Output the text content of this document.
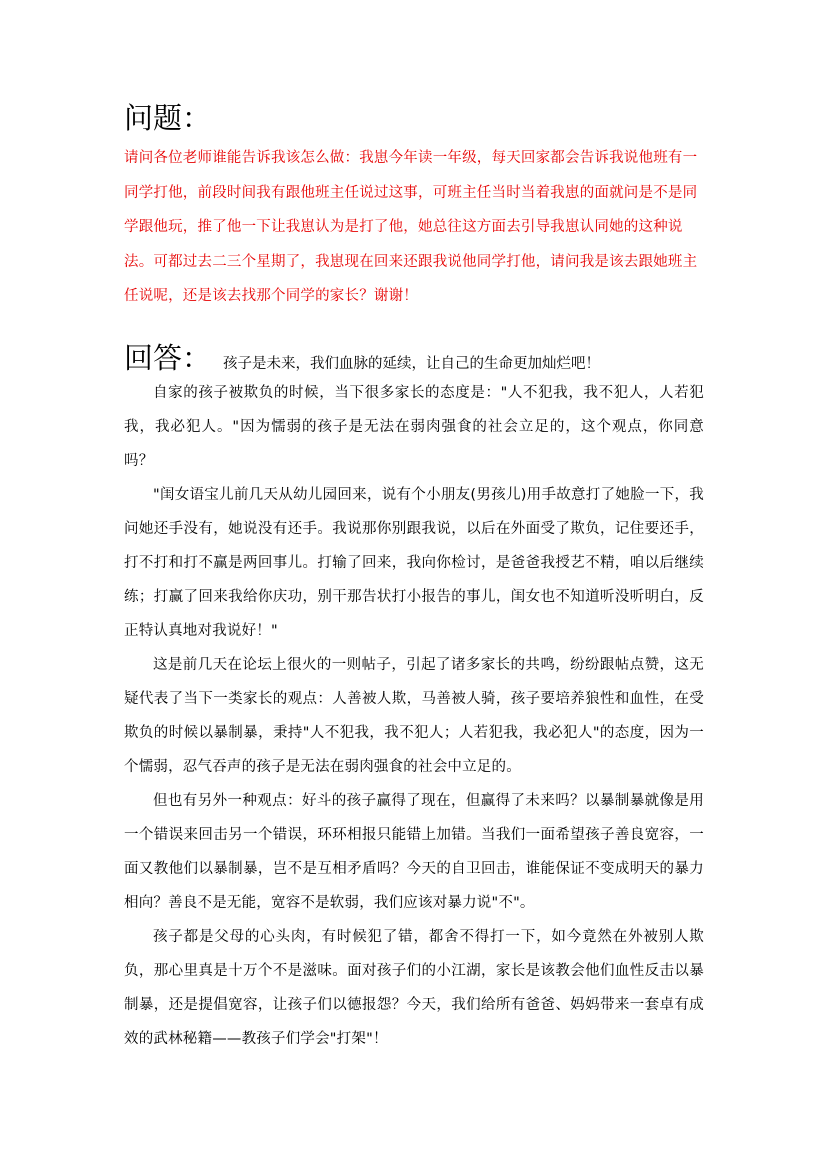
问题：

请问各位老师谁能告诉我该怎么做：我崽今年读一年级，每天回家都会告诉我说他班有一同学打他，前段时间我有跟他班主任说过这事，可班主任当时当着我崽的面就问是不是同学跟他玩，推了他一下让我崽认为是打了他，她总往这方面去引导我崽认同她的这种说法。可都过去二三个星期了，我崽现在回来还跟我说他同学打他，请问我是该去跟她班主任说呢，还是该去找那个同学的家长？谢谢！

回答： 孩子是未来，我们血脉的延续，让自己的生命更加灿烂吧！

自家的孩子被欺负的时候，当下很多家长的态度是："人不犯我，我不犯人，人若犯我，我必犯人。"因为懦弱的孩子是无法在弱肉强食的社会立足的，这个观点，你同意吗？

"闺女语宝儿前几天从幼儿园回来，说有个小朋友(男孩儿)用手故意打了她脸一下，我问她还手没有，她说没有还手。我说那你别跟我说，以后在外面受了欺负，记住要还手，打不打和打不赢是两回事儿。打输了回来，我向你检讨，是爸爸我授艺不精，咱以后继续练；打赢了回来我给你庆功，别干那告状打小报告的事儿，闺女也不知道听没听明白，反正特认真地对我说好！"

这是前几天在论坛上很火的一则帖子，引起了诸多家长的共鸣，纷纷跟帖点赞，这无疑代表了当下一类家长的观点：人善被人欺，马善被人骑，孩子要培养狼性和血性，在受欺负的时候以暴制暴，秉持"人不犯我，我不犯人；人若犯我，我必犯人"的态度，因为一个懦弱，忍气吞声的孩子是无法在弱肉强食的社会中立足的。

但也有另外一种观点：好斗的孩子赢得了现在，但赢得了未来吗？以暴制暴就像是用一个错误来回击另一个错误，环环相报只能错上加错。当我们一面希望孩子善良宽容，一面又教他们以暴制暴，岂不是互相矛盾吗？今天的自卫回击，谁能保证不变成明天的暴力相向？善良不是无能，宽容不是软弱，我们应该对暴力说"不"。

孩子都是父母的心头肉，有时候犯了错，都舍不得打一下，如今竟然在外被别人欺负，那心里真是十万个不是滋味。面对孩子们的小江湖，家长是该教会他们血性反击以暴制暴，还是提倡宽容，让孩子们以德报怨？今天，我们给所有爸爸、妈妈带来一套卓有成效的武林秘籍——教孩子们学会"打架"！
